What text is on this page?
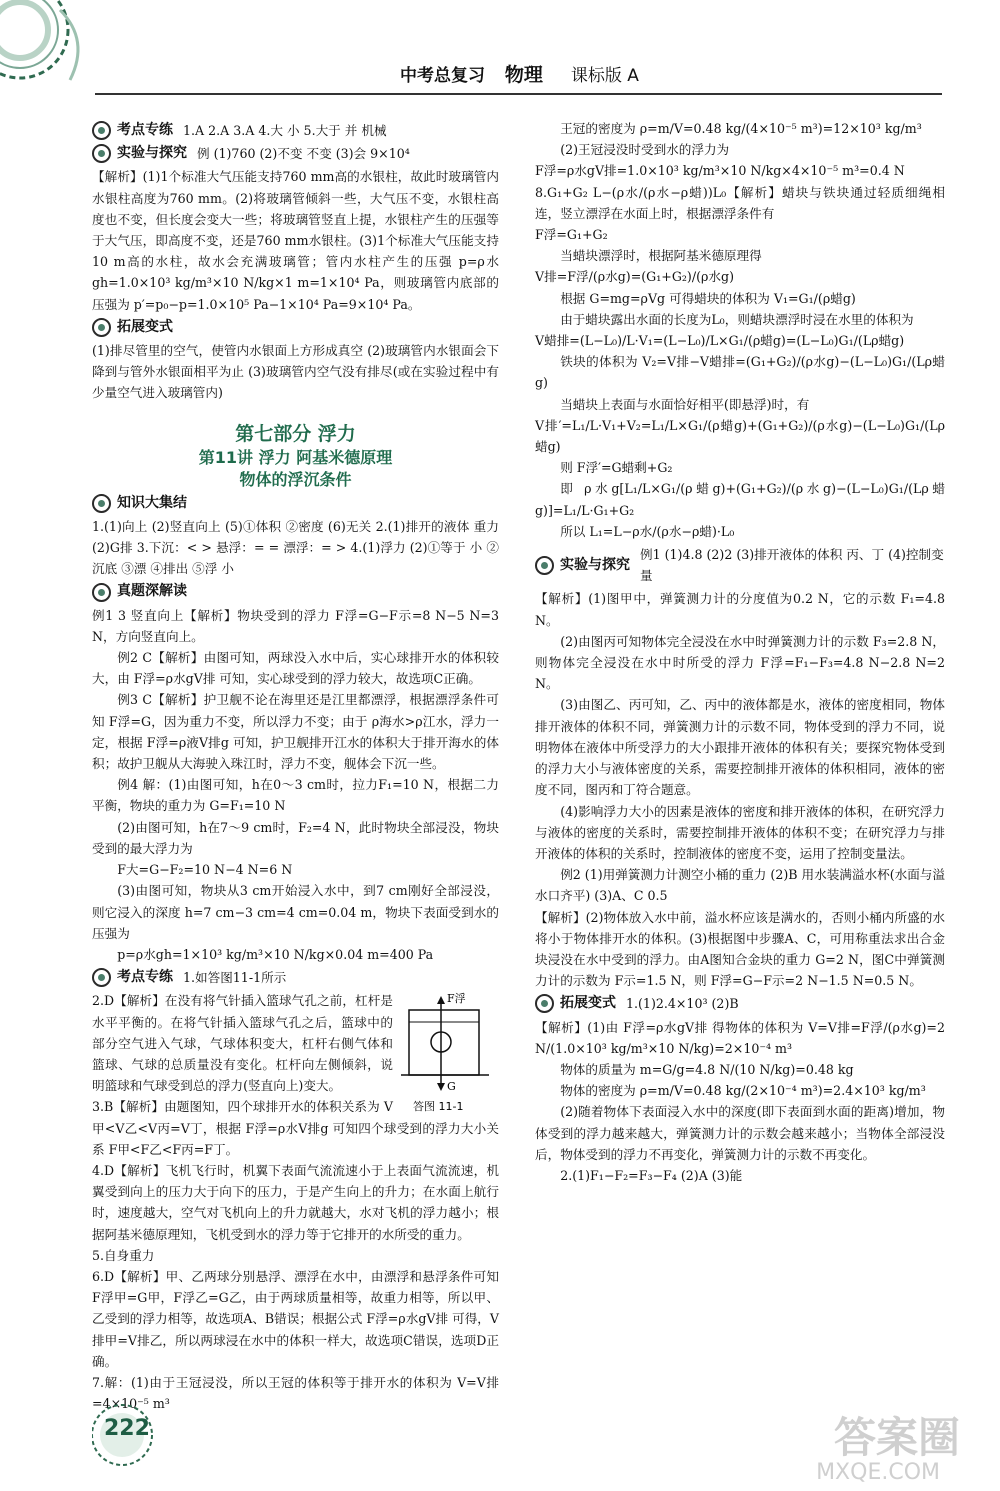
中考总复习 物理 课标版 A
考点专练 1.A 2.A 3.A 4.大 小 5.大于 并 机械
实验与探究 例 (1)760 (2)不变 不变 (3)会 9×10⁴

【解析】(1)1个标准大气压能支持760 mm高的水银柱，故此时玻璃管内水银柱高度为760 mm。(2)将玻璃管倾斜一些，大气压不变，水银柱高度也不变，但长度会变大一些；将玻璃管竖直上提，水银柱产生的压强等于大气压，即高度不变，还是760 mm水银柱。(3)1个标准大气压能支持10 m高的水柱，故水会充满玻璃管；管内水柱产生的压强 p=ρ水gh=1.0×10³ kg/m³×10 N/kg×1 m=1×10⁴ Pa，则玻璃管内底部的压强为 p′=p₀−p=1.0×10⁵ Pa−1×10⁴ Pa=9×10⁴ Pa。

拓展变式

(1)排尽管里的空气，使管内水银面上方形成真空 (2)玻璃管内水银面会下降到与管外水银面相平为止 (3)玻璃管内空气没有排尽(或在实验过程中有少量空气进入玻璃管内)

第七部分 浮力
第11讲 浮力 阿基米德原理
物体的浮沉条件
知识大集结

1.(1)向上 (2)竖直向上 (5)①体积 ②密度 (6)无关 2.(1)排开的液体 重力 (2)G排 3.下沉：< > 悬浮：= = 漂浮：= > 4.(1)浮力 (2)①等于 小 ②沉底 ③漂 ④排出 ⑤浮 小

真题深解读

例1 3 竖直向上【解析】物块受到的浮力 F浮=G−F示=8 N−5 N=3 N，方向竖直向上。

例2 C【解析】由图可知，两球没入水中后，实心球排开水的体积较大，由 F浮=ρ水gV排 可知，实心球受到的浮力较大，故选项C正确。

例3 C【解析】护卫舰不论在海里还是江里都漂浮，根据漂浮条件可知 F浮=G，因为重力不变，所以浮力不变；由于 ρ海水>ρ江水，浮力一定，根据 F浮=ρ液V排g 可知，护卫舰排开江水的体积大于排开海水的体积；故护卫舰从大海驶入珠江时，浮力不变，舰体会下沉一些。

例4 解：(1)由图可知，h在0～3 cm时，拉力F₁=10 N，根据二力平衡，物块的重力为 G=F₁=10 N

(2)由图可知，h在7～9 cm时，F₂=4 N，此时物块全部浸没，物块受到的最大浮力为

F大=G−F₂=10 N−4 N=6 N

(3)由图可知，物块从3 cm开始浸入水中，到7 cm刚好全部浸没，则它浸入的深度 h=7 cm−3 cm=4 cm=0.04 m，物块下表面受到水的压强为

p=ρ水gh=1×10³ kg/m³×10 N/kg×0.04 m=400 Pa

考点专练 1.如答图11-1所示
F浮
G
答图 11-1

2.D【解析】在没有将气针插入篮球气孔之前，杠杆是水平平衡的。在将气针插入篮球气孔之后，篮球中的部分空气进入气球，气球体积变大，杠杆右侧气体和篮球、气球的总质量没有变化。杠杆向左侧倾斜，说明篮球和气球受到总的浮力(竖直向上)变大。

3.B【解析】由题图知，四个球排开水的体积关系为 V甲<V乙<V丙=V丁，根据 F浮=ρ水V排g 可知四个球受到的浮力大小关系 F甲<F乙<F丙=F丁。

4.D【解析】飞机飞行时，机翼下表面气流流速小于上表面气流流速，机翼受到向上的压力大于向下的压力，于是产生向上的升力；在水面上航行时，速度越大，空气对飞机向上的升力就越大，水对飞机的浮力越小；根据阿基米德原理知，飞机受到水的浮力等于它排开的水所受的重力。

5.自身重力

6.D【解析】甲、乙两球分别悬浮、漂浮在水中，由漂浮和悬浮条件可知 F浮甲=G甲，F浮乙=G乙，由于两球质量相等，故重力相等，所以甲、乙受到的浮力相等，故选项A、B错误；根据公式 F浮=ρ水gV排 可得，V排甲=V排乙，所以两球浸在水中的体积一样大，故选项C错误，选项D正确。

7.解：(1)由于王冠浸没，所以王冠的体积等于排开水的体积为 V=V排=4×10⁻⁵ m³

王冠的密度为 ρ=m/V=0.48 kg/(4×10⁻⁵ m³)=12×10³ kg/m³

(2)王冠浸没时受到水的浮力为

F浮=ρ水gV排=1.0×10³ kg/m³×10 N/kg×4×10⁻⁵ m³=0.4 N

8.G₁+G₂ L−(ρ水/(ρ水−ρ蜡))L₀【解析】蜡块与铁块通过轻质细绳相连，竖立漂浮在水面上时，根据漂浮条件有

F浮=G₁+G₂

当蜡块漂浮时，根据阿基米德原理得

V排=F浮/(ρ水g)=(G₁+G₂)/(ρ水g)

根据 G=mg=ρVg 可得蜡块的体积为 V₁=G₁/(ρ蜡g)

由于蜡块露出水面的长度为L₀，则蜡块漂浮时浸在水里的体积为

V蜡排=(L−L₀)/L·V₁=(L−L₀)/L×G₁/(ρ蜡g)=(L−L₀)G₁/(Lρ蜡g)

铁块的体积为 V₂=V排−V蜡排=(G₁+G₂)/(ρ水g)−(L−L₀)G₁/(Lρ蜡g)

当蜡块上表面与水面恰好相平(即悬浮)时，有

V排′=L₁/L·V₁+V₂=L₁/L×G₁/(ρ蜡g)+(G₁+G₂)/(ρ水g)−(L−L₀)G₁/(Lρ蜡g)

则 F浮′=G蜡剩+G₂

即 ρ水g[L₁/L×G₁/(ρ蜡g)+(G₁+G₂)/(ρ水g)−(L−L₀)G₁/(Lρ蜡g)]=L₁/L·G₁+G₂

所以 L₁=L−ρ水/(ρ水−ρ蜡)·L₀

实验与探究
例1 (1)4.8 (2)2 (3)排开液体的体积 丙、丁 (4)控制变量

【解析】(1)图甲中，弹簧测力计的分度值为0.2 N，它的示数 F₁=4.8 N。

(2)由图丙可知物体完全浸没在水中时弹簧测力计的示数 F₃=2.8 N，则物体完全浸没在水中时所受的浮力 F浮=F₁−F₃=4.8 N−2.8 N=2 N。

(3)由图乙、丙可知，乙、丙中的液体都是水，液体的密度相同，物体排开液体的体积不同，弹簧测力计的示数不同，物体受到的浮力不同，说明物体在液体中所受浮力的大小跟排开液体的体积有关；要探究物体受到的浮力大小与液体密度的关系，需要控制排开液体的体积相同，液体的密度不同，图丙和丁符合题意。

(4)影响浮力大小的因素是液体的密度和排开液体的体积，在研究浮力与液体的密度的关系时，需要控制排开液体的体积不变；在研究浮力与排开液体的体积的关系时，控制液体的密度不变，运用了控制变量法。

例2 (1)用弹簧测力计测空小桶的重力 (2)B 用水装满溢水杯(水面与溢水口齐平) (3)A、C 0.5

【解析】(2)物体放入水中前，溢水杯应该是满水的，否则小桶内所盛的水将小于物体排开水的体积。(3)根据图中步骤A、C，可用称重法求出合金块浸没在水中受到的浮力。由A图知合金块的重力 G=2 N，图C中弹簧测力计的示数为 F示=1.5 N，则 F浮=G−F示=2 N−1.5 N=0.5 N。

拓展变式 1.(1)2.4×10³ (2)B

【解析】(1)由 F浮=ρ水gV排 得物体的体积为 V=V排=F浮/(ρ水g)=2 N/(1.0×10³ kg/m³×10 N/kg)=2×10⁻⁴ m³

物体的质量为 m=G/g=4.8 N/(10 N/kg)=0.48 kg

物体的密度为 ρ=m/V=0.48 kg/(2×10⁻⁴ m³)=2.4×10³ kg/m³

(2)随着物体下表面浸入水中的深度(即下表面到水面的距离)增加，物体受到的浮力越来越大，弹簧测力计的示数会越来越小；当物体全部浸没后，物体受到的浮力不再变化，弹簧测力计的示数不再变化。

2.(1)F₁−F₂=F₃−F₄ (2)A (3)能

222	答案圈
MXQE.COM
